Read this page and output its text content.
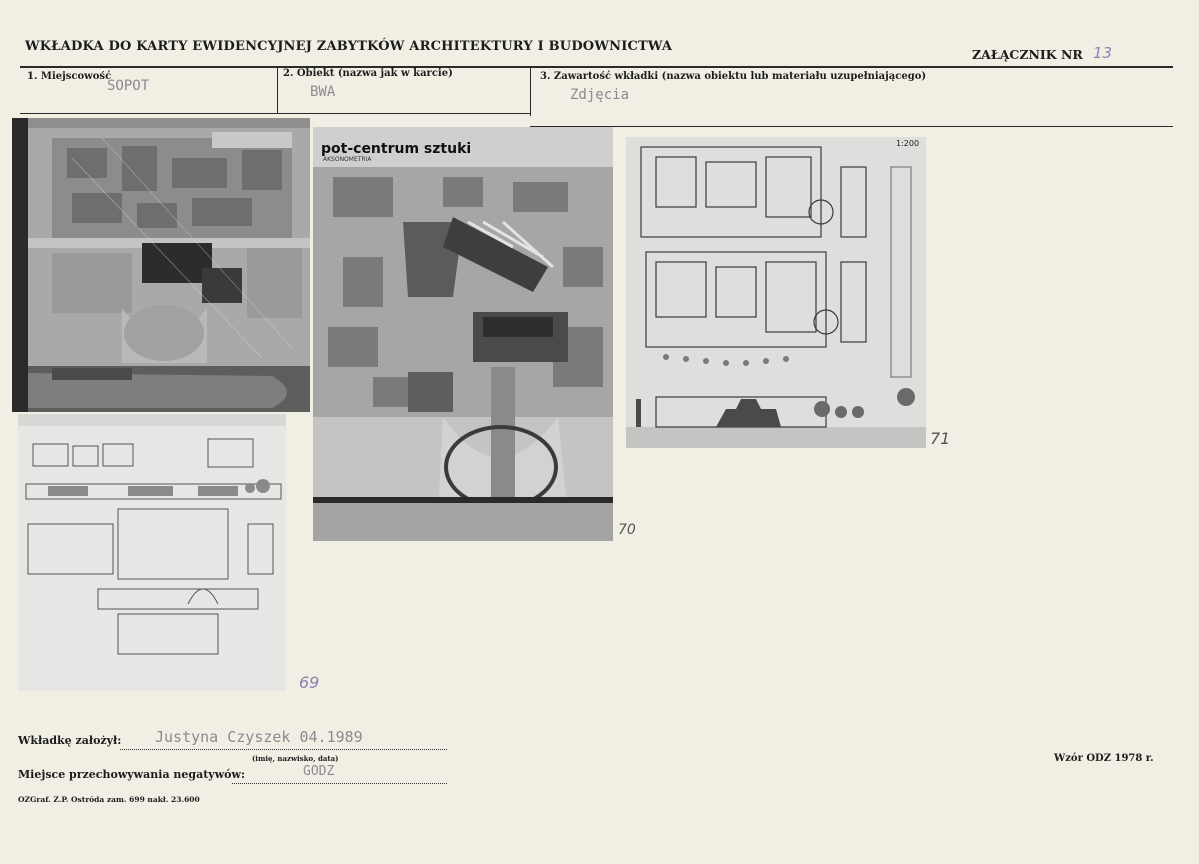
WKŁADKA DO KARTY EWIDENCYJNEJ ZABYTKÓW ARCHITEKTURY I BUDOWNICTWA
ZAŁĄCZNIK NR 13
1. Miejscowość
SOPOT
2. Obiekt (nazwa jak w karcie)
BWA
3. Zawartość wkładki (nazwa obiektu lub materiału uzupełniającego)
Zdjęcia
pot-centrum sztuki
AKSONOMETRIA
1:200
69
70
71
Wkładkę założył: Justyna Czyszek 04.1989
(imię, nazwisko, data)
Miejsce przechowywania negatywów:	GODZ
OZGraf. Z.P. Ostróda zam. 699 nakł. 23.600
Wzór ODZ 1978 r.
